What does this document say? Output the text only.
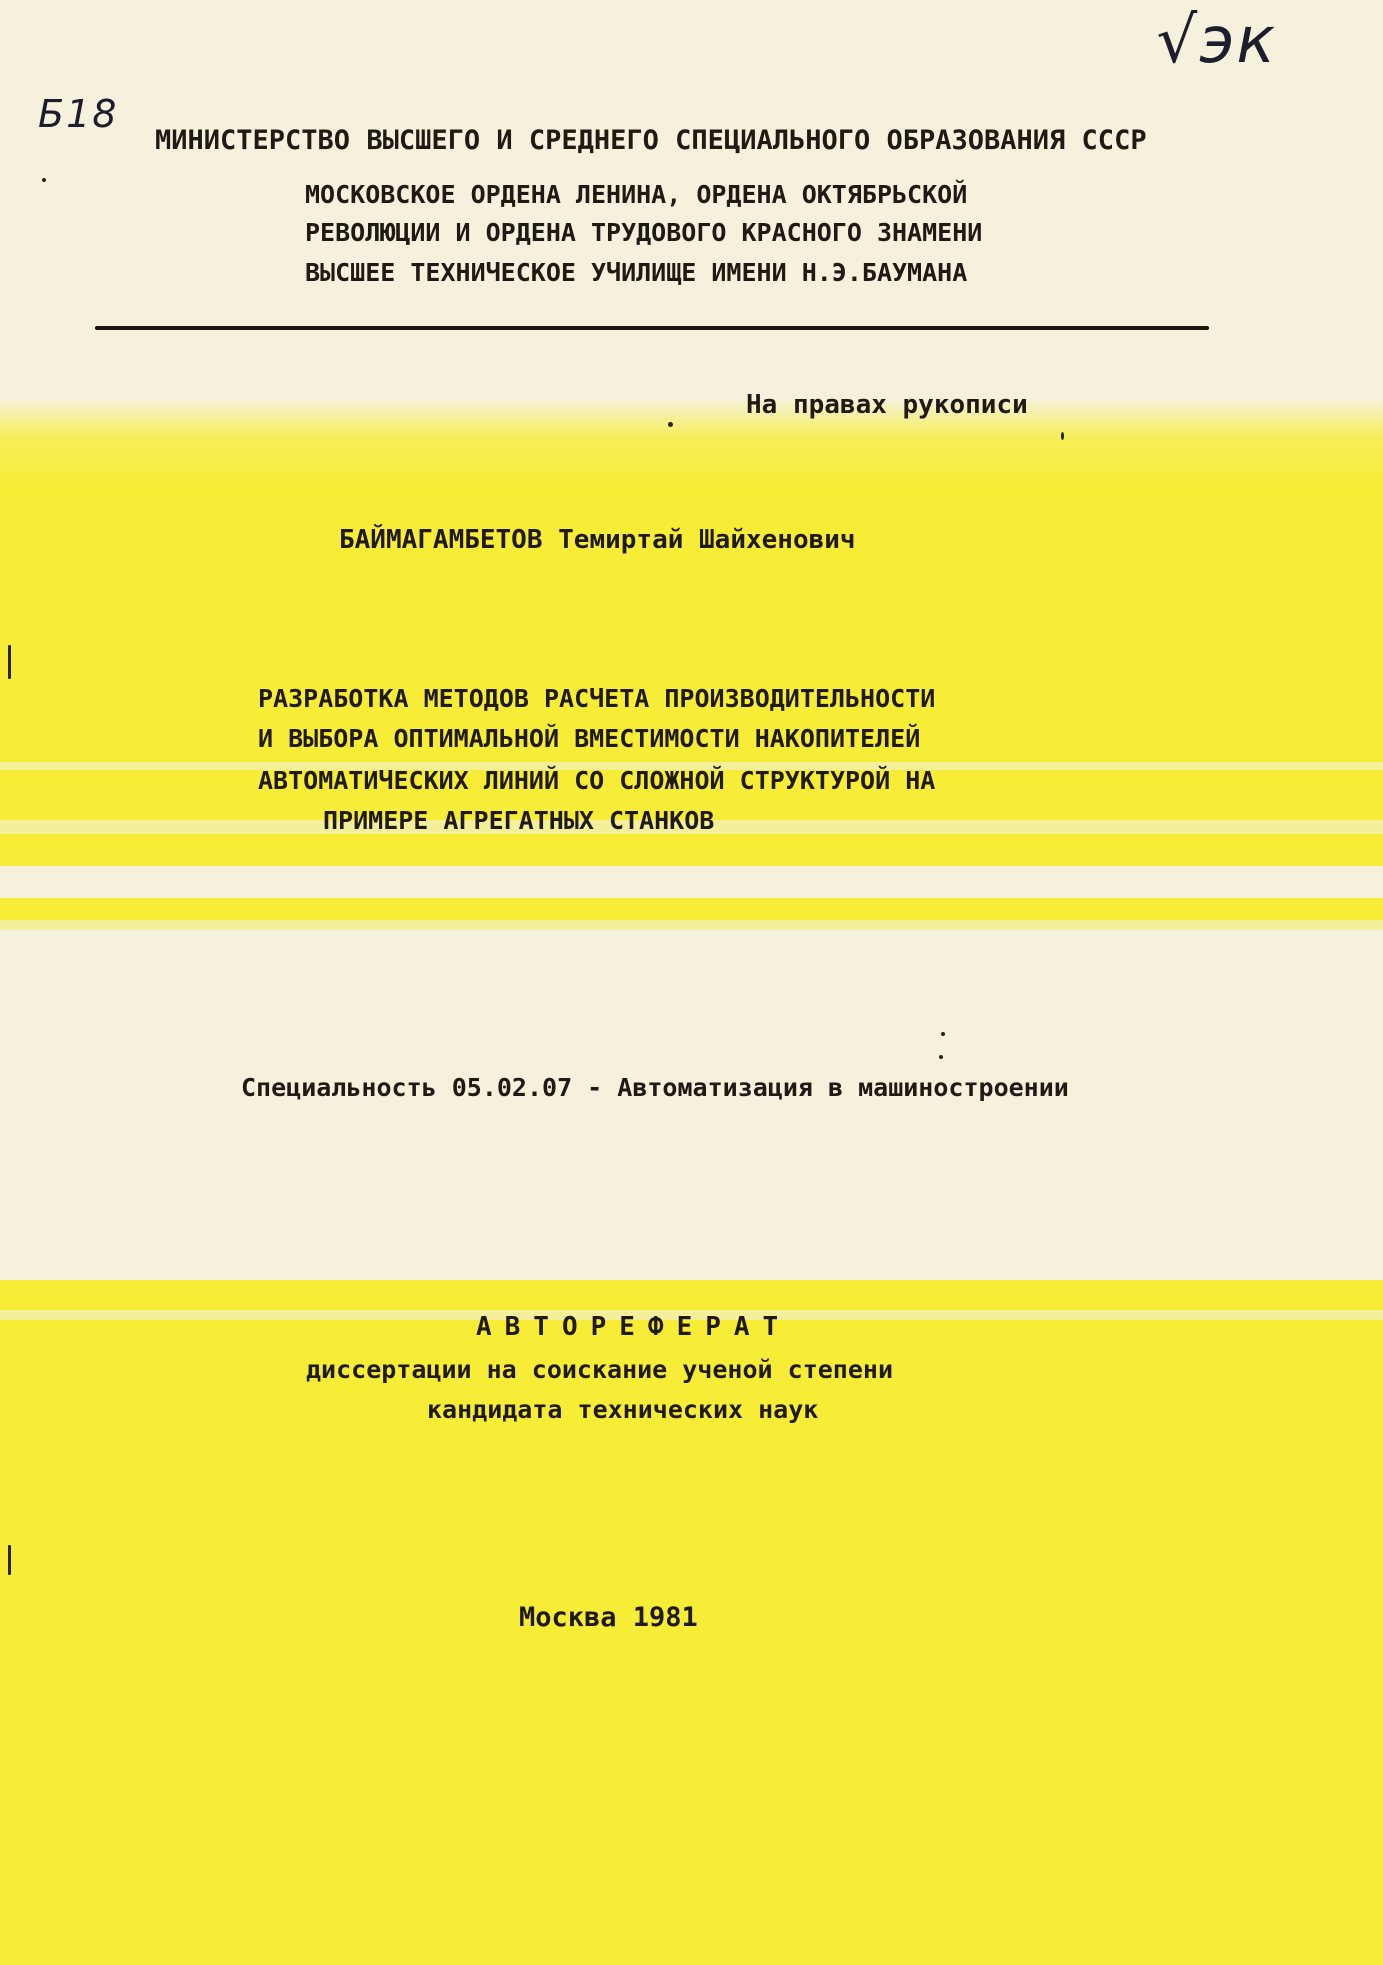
√эк
Б18
МИНИСТЕРСТВО ВЫСШЕГО И СРЕДНЕГО СПЕЦИАЛЬНОГО ОБРАЗОВАНИЯ СССР
МОСКОВСКОЕ ОРДЕНА ЛЕНИНА, ОРДЕНА ОКТЯБРЬСКОЙ
РЕВОЛЮЦИИ И ОРДЕНА ТРУДОВОГО КРАСНОГО ЗНАМЕНИ
ВЫСШЕЕ ТЕХНИЧЕСКОЕ УЧИЛИЩЕ ИМЕНИ Н.Э.БАУМАНА
На правах рукописи
БАЙМАГАМБЕТОВ Темиртай Шайхенович
РАЗРАБОТКА МЕТОДОВ РАСЧЕТА ПРОИЗВОДИТЕЛЬНОСТИ
И ВЫБОРА ОПТИМАЛЬНОЙ ВМЕСТИМОСТИ НАКОПИТЕЛЕЙ
АВТОМАТИЧЕСКИХ ЛИНИЙ СО СЛОЖНОЙ СТРУКТУРОЙ НА
ПРИМЕРЕ АГРЕГАТНЫХ СТАНКОВ
Специальность 05.02.07 - Автоматизация в машиностроении
АВТОРЕФЕРАТ
диссертации на соискание ученой степени
кандидата технических наук
Москва 1981
